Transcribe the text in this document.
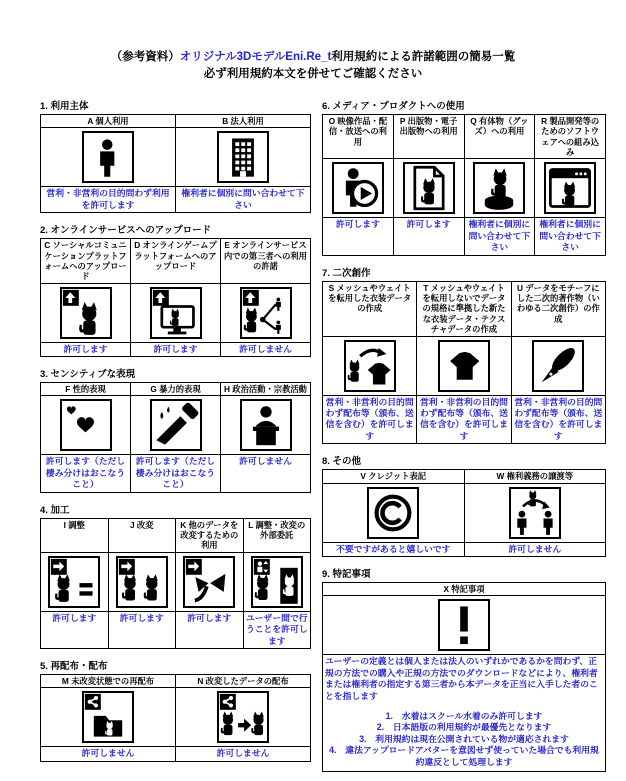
（参考資料）オリジナル3DモデルEni.Re_t利用規約による許諾範囲の簡易一覧
必ず利用規約本文を併せてご確認ください
1. 利用主体
A 個人利用	B 法人利用

営利・非営利の目的問わず利用を許可します	権利者に個別に問い合わせて下さい
2. オンラインサービスへのアップロード
C ソーシャルコミュニケーションプラットフォームへのアップロード	D オンラインゲームプラットフォームへのアップロード	E オンラインサービス内での第三者への利用の許諾

許可します	許可します	許可しません
3. センシティブな表現
F 性的表現	G 暴力的表現	H 政治活動・宗教活動

許可します（ただし棲み分けはおこなうこと）	許可します（ただし棲み分けはおこなうこと）	許可しません
4. 加工
I 調整	J 改変	K 他のデータを改変するための利用	L 調整・改変の外部委託

許可します	許可します	許可します	ユーザー間で行うことを許可します
5. 再配布・配布
M 未改変状態での再配布	N 改変したデータの配布

許可しません	許可しません
6. メディア・プロダクトへの使用
O 映像作品・配信・放送への利用	P 出版物・電子出版物への利用	Q 有体物（グッズ）への利用	R 製品開発等のためのソフトウェアへの組み込み

許可します	許可します	権利者に個別に問い合わせて下さい	権利者に個別に問い合わせて下さい
7. 二次創作
S メッシュやウェイトを転用した衣装データの作成	T メッシュやウェイトを転用しないでデータの規格に準拠した新たな衣装データ・テクスチャデータの作成	U データをモチーフにした二次的著作物（いわゆる二次創作）の作成

営利・非営利の目的問わず配布等（頒布、送信を含む）を許可します	営利・非営利の目的問わず配布等（頒布、送信を含む）を許可します	営利・非営利の目的問わず配布等（頒布、送信を含む）を許可します
8. その他
V クレジット表記	W 権利義務の譲渡等

不要ですがあると嬉しいです	許可しません
9. 特記事項
X 特記事項

ユーザーの定義とは個人または法人のいずれかであるかを問わず、正規の方法での購入や正規の方法でのダウンロードなどにより、権利者または権利者の指定する第三者から本データを正当に入手した者のことを指します
1.　水着はスクール水着のみ許可します
2.　日本語版の利用規約が最優先となります
3.　利用規約は現在公開されている物が適応されます
4.　違法アップロードアバターを意図せず使っていた場合でも利用規約違反として処理します
